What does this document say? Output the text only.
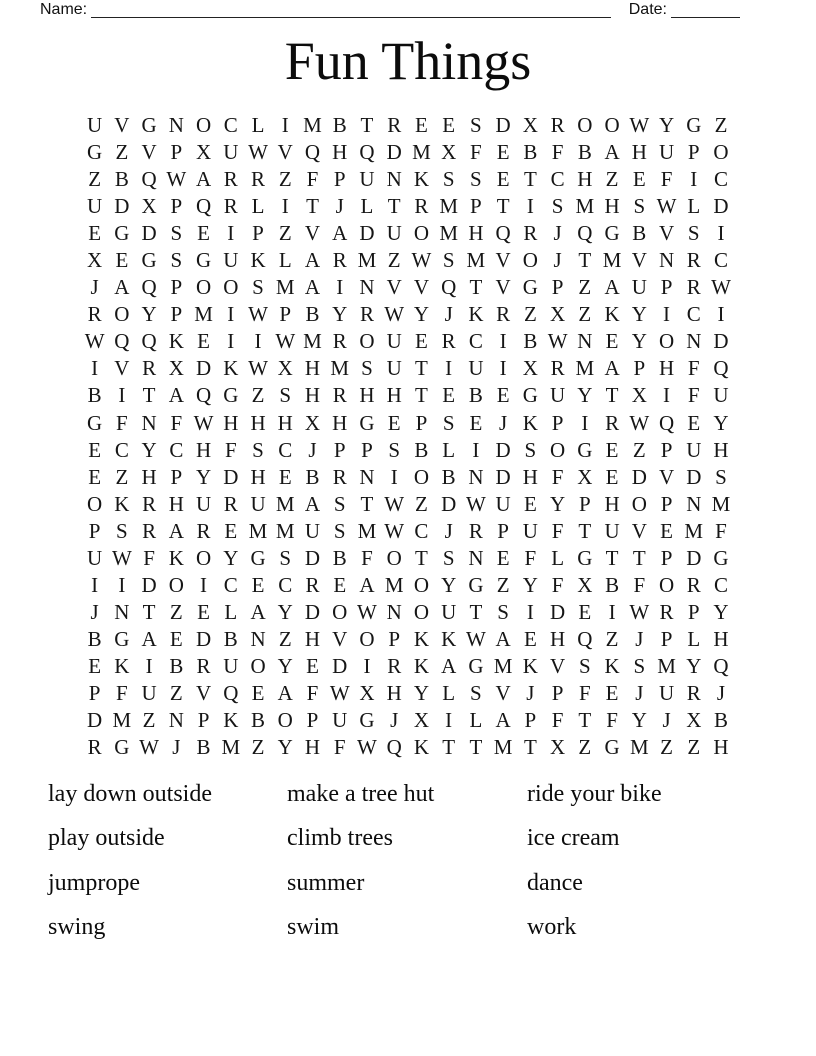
Name:	Date:
Fun Things
U V G N O C L I M B T R E E S D X R O O W Y G Z
G Z V P X U W V Q H Q D M X F E B F B A H U P O
Z B Q W A R R Z F P U N K S S E T C H Z E F I C
U D X P Q R L I T J L T R M P T I S M H S W L D
E G D S E I P Z V A D U O M H Q R J Q G B V S I
X E G S G U K L A R M Z W S M V O J T M V N R C
J A Q P O O S M A I N V V Q T V G P Z A U P R W
R O Y P M I W P B Y R W Y J K R Z X Z K Y I C I
W Q Q K E I I W M R O U E R C I B W N E Y O N D
I V R X D K W X H M S U T I U I X R M A P H F Q
B I T A Q G Z S H R H H T E B E G U Y T X I F U
G F N F W H H H X H G E P S E J K P I R W Q E Y
E C Y C H F S C J P P S B L I D S O G E Z P U H
E Z H P Y D H E B R N I O B N D H F X E D V D S
O K R H U R U M A S T W Z D W U E Y P H O P N M
P S R A R E M M U S M W C J R P U F T U V E M F
U W F K O Y G S D B F O T S N E F L G T T P D G
I I D O I C E C R E A M O Y G Z Y F X B F O R C
J N T Z E L A Y D O W N O U T S I D E I W R P Y
B G A E D B N Z H V O P K K W A E H Q Z J P L H
E K I B R U O Y E D I R K A G M K V S K S M Y Q
P F U Z V Q E A F W X H Y L S V J P F E J U R J
D M Z N P K B O P U G J X I L A P F T F Y J X B
R G W J B M Z Y H F W Q K T T M T X Z G M Z Z H
lay down outside
play outside
jumprope
swing
make a tree hut
climb trees
summer
swim
ride your bike
ice cream
dance
work
